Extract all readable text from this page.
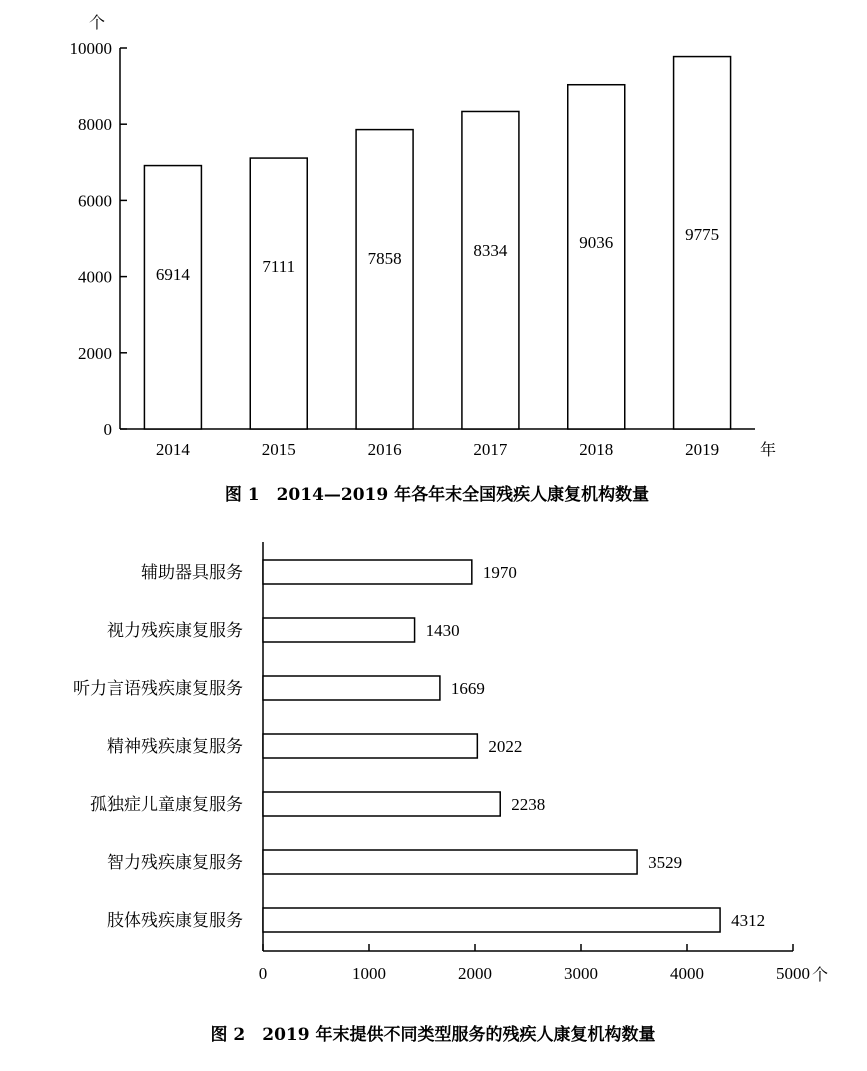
个
年
0
2000
4000
6000
8000
10000
6914
2014
7111
2015
7858
2016
8334
2017
9036
2018
9775
2019
图 1　2014—2019 年各年末全国残疾人康复机构数量
个
0	1000	2000	3000	4000	5000
1970
辅助器具服务
1430
视力残疾康复服务
1669
听力言语残疾康复服务
2022
精神残疾康复服务
2238
孤独症儿童康复服务
3529
智力残疾康复服务
4312
肢体残疾康复服务
图 2　2019 年末提供不同类型服务的残疾人康复机构数量
